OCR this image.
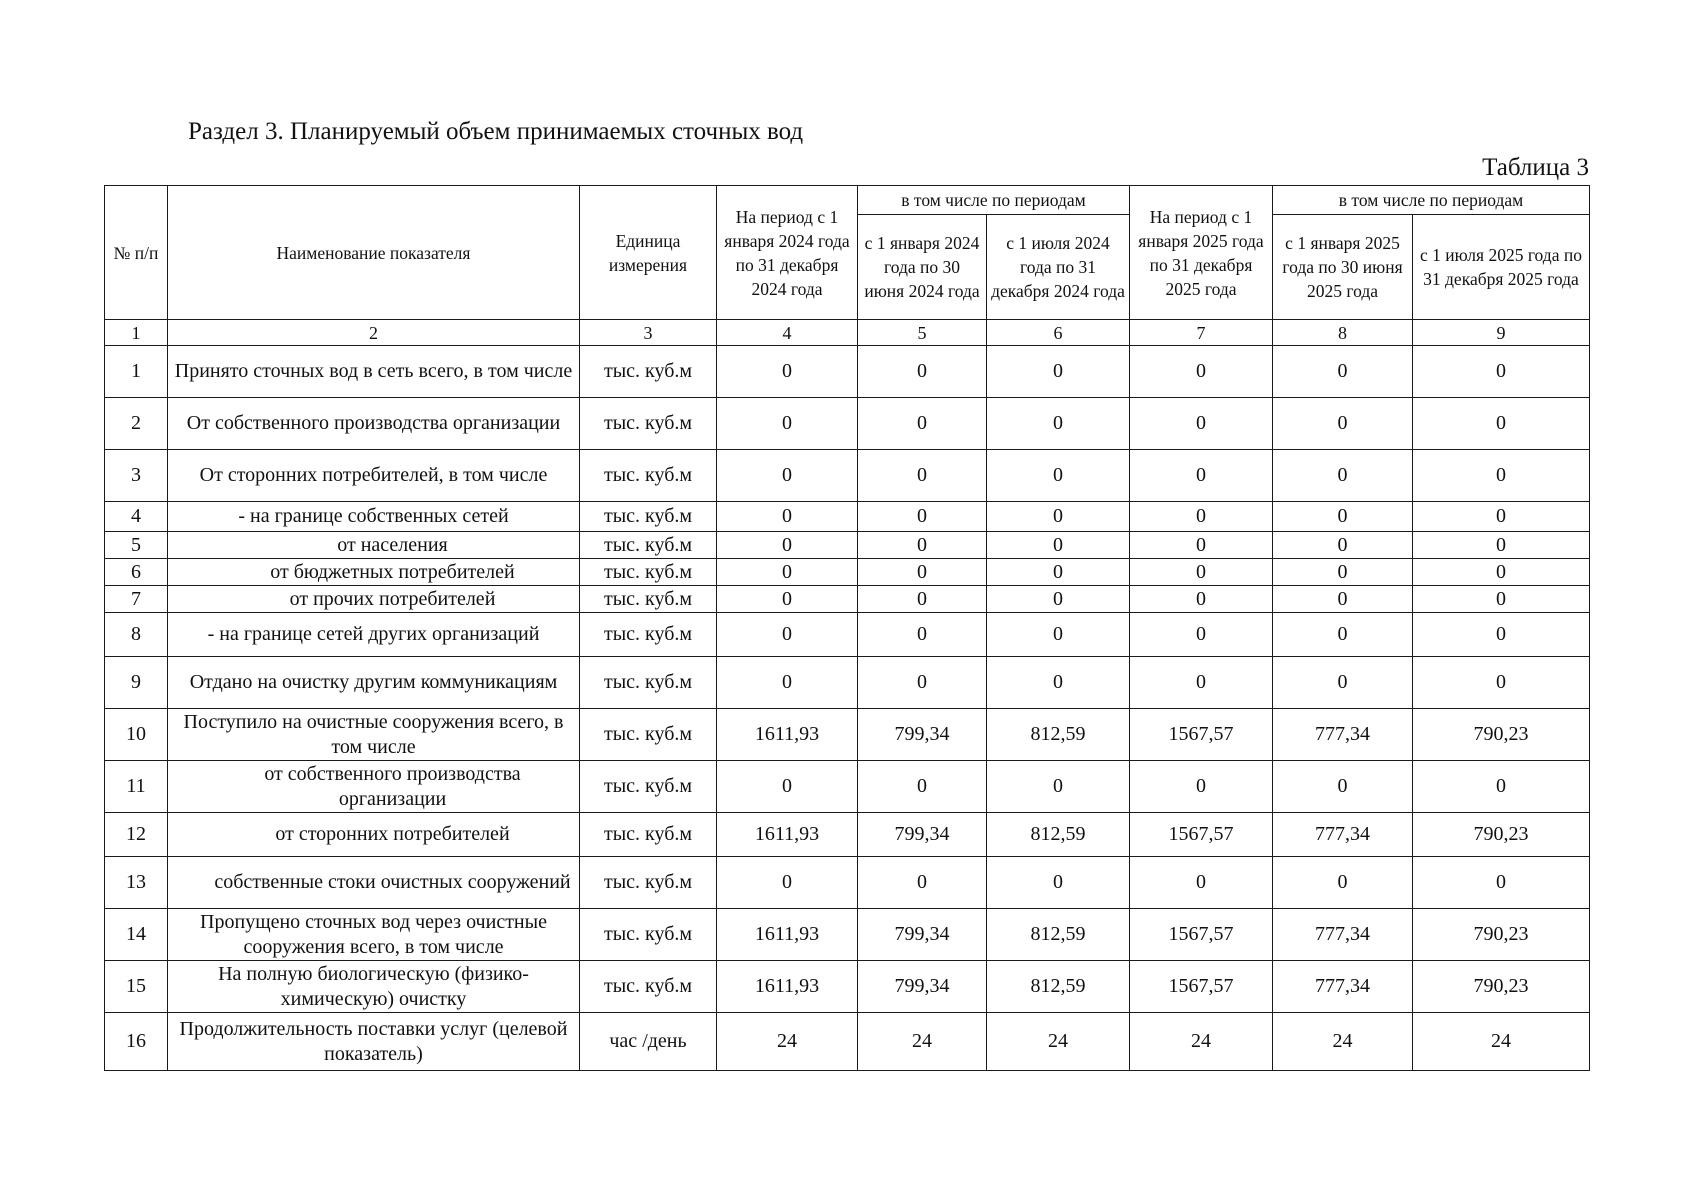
Раздел 3. Планируемый объем принимаемых сточных вод
Таблица 3
№ п/п	Наименование показателя	Единица измерения	На период с 1 января 2024 года по 31 декабря 2024 года	в том числе по периодам		На период с 1 января 2025 года по 31 декабря 2025 года	в том числе по периодам	
				с 1 января 2024 года по 30 июня 2024 года	с 1 июля 2024 года по 31 декабря 2024 года		с 1 января 2025 года по 30 июня 2025 года	с 1 июля 2025 года по 31 декабря 2025 года
1	2	3	4	5	6	7	8	9
1	Принято сточных вод в сеть всего, в том числе	тыс. куб.м	0	0	0	0	0	0
2	От собственного производства организации	тыс. куб.м	0	0	0	0	0	0
3	От сторонних потребителей, в том числе	тыс. куб.м	0	0	0	0	0	0
4	- на границе собственных сетей	тыс. куб.м	0	0	0	0	0	0
5	от населения	тыс. куб.м	0	0	0	0	0	0
6	от бюджетных потребителей	тыс. куб.м	0	0	0	0	0	0
7	от прочих потребителей	тыс. куб.м	0	0	0	0	0	0
8	- на границе сетей других организаций	тыс. куб.м	0	0	0	0	0	0
9	Отдано на очистку другим коммуникациям	тыс. куб.м	0	0	0	0	0	0
10	Поступило на очистные сооружения всего, в том числе	тыс. куб.м	1611,93	799,34	812,59	1567,57	777,34	790,23
11	от собственного производства организации	тыс. куб.м	0	0	0	0	0	0
12	от сторонних потребителей	тыс. куб.м	1611,93	799,34	812,59	1567,57	777,34	790,23
13	собственные стоки очистных сооружений	тыс. куб.м	0	0	0	0	0	0
14	Пропущено сточных вод через очистные сооружения всего, в том числе	тыс. куб.м	1611,93	799,34	812,59	1567,57	777,34	790,23
15	На полную биологическую (физико-химическую) очистку	тыс. куб.м	1611,93	799,34	812,59	1567,57	777,34	790,23
16	Продолжительность поставки услуг (целевой показатель)	час /день	24	24	24	24	24	24
